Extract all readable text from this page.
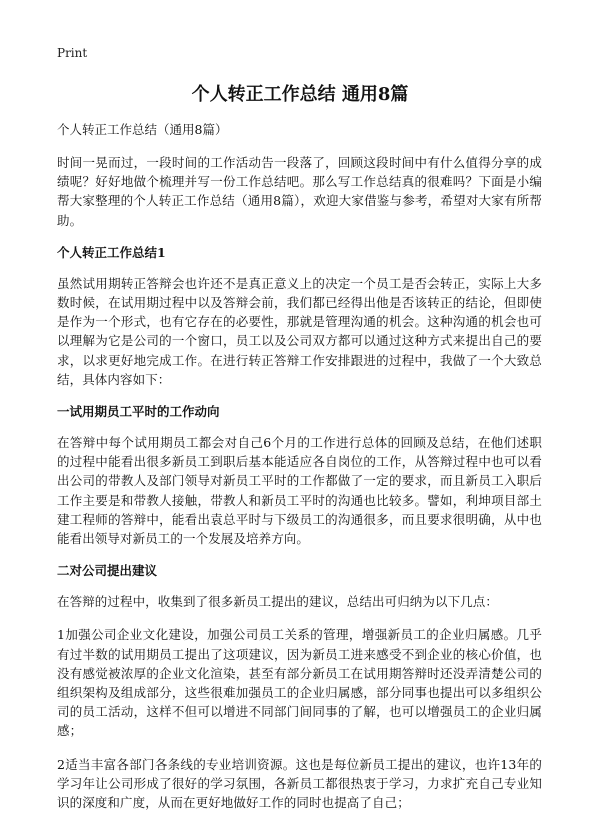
Print
个人转正工作总结 通用8篇
个人转正工作总结（通用8篇）

时间一晃而过，一段时间的工作活动告一段落了，回顾这段时间中有什么值得分享的成绩呢？好好地做个梳理并写一份工作总结吧。那么写工作总结真的很难吗？下面是小编帮大家整理的个人转正工作总结（通用8篇），欢迎大家借鉴与参考，希望对大家有所帮助。

个人转正工作总结1

虽然试用期转正答辩会也许还不是真正意义上的决定一个员工是否会转正，实际上大多数时候，在试用期过程中以及答辩会前，我们都已经得出他是否该转正的结论，但即使是作为一个形式，也有它存在的必要性，那就是管理沟通的机会。这种沟通的机会也可以理解为它是公司的一个窗口，员工以及公司双方都可以通过这种方式来提出自己的要求，以求更好地完成工作。在进行转正答辩工作安排跟进的过程中，我做了一个大致总结，具体内容如下：

一试用期员工平时的工作动向

在答辩中每个试用期员工都会对自己6个月的工作进行总体的回顾及总结，在他们述职的过程中能看出很多新员工到职后基本能适应各自岗位的工作，从答辩过程中也可以看出公司的带教人及部门领导对新员工平时的工作都做了一定的要求，而且新员工入职后工作主要是和带教人接触，带教人和新员工平时的沟通也比较多。譬如，利坤项目部土建工程师的答辩中，能看出袁总平时与下级员工的沟通很多，而且要求很明确，从中也能看出领导对新员工的一个发展及培养方向。

二对公司提出建议

在答辩的过程中，收集到了很多新员工提出的建议，总结出可归纳为以下几点：

1加强公司企业文化建设，加强公司员工关系的管理，增强新员工的企业归属感。几乎有过半数的试用期员工提出了这项建议，因为新员工进来感受不到企业的核心价值，也没有感觉被浓厚的企业文化渲染，甚至有部分新员工在试用期答辩时还没弄清楚公司的组织架构及组成部分，这些很难加强员工的企业归属感，部分同事也提出可以多组织公司的员工活动，这样不但可以增进不同部门间同事的了解，也可以增强员工的企业归属感；

2适当丰富各部门各条线的专业培训资源。这也是每位新员工提出的建议，也许13年的学习年让公司形成了很好的学习氛围，各新员工都很热衷于学习，力求扩充自己专业知识的深度和广度，从而在更好地做好工作的同时也提高了自己；
